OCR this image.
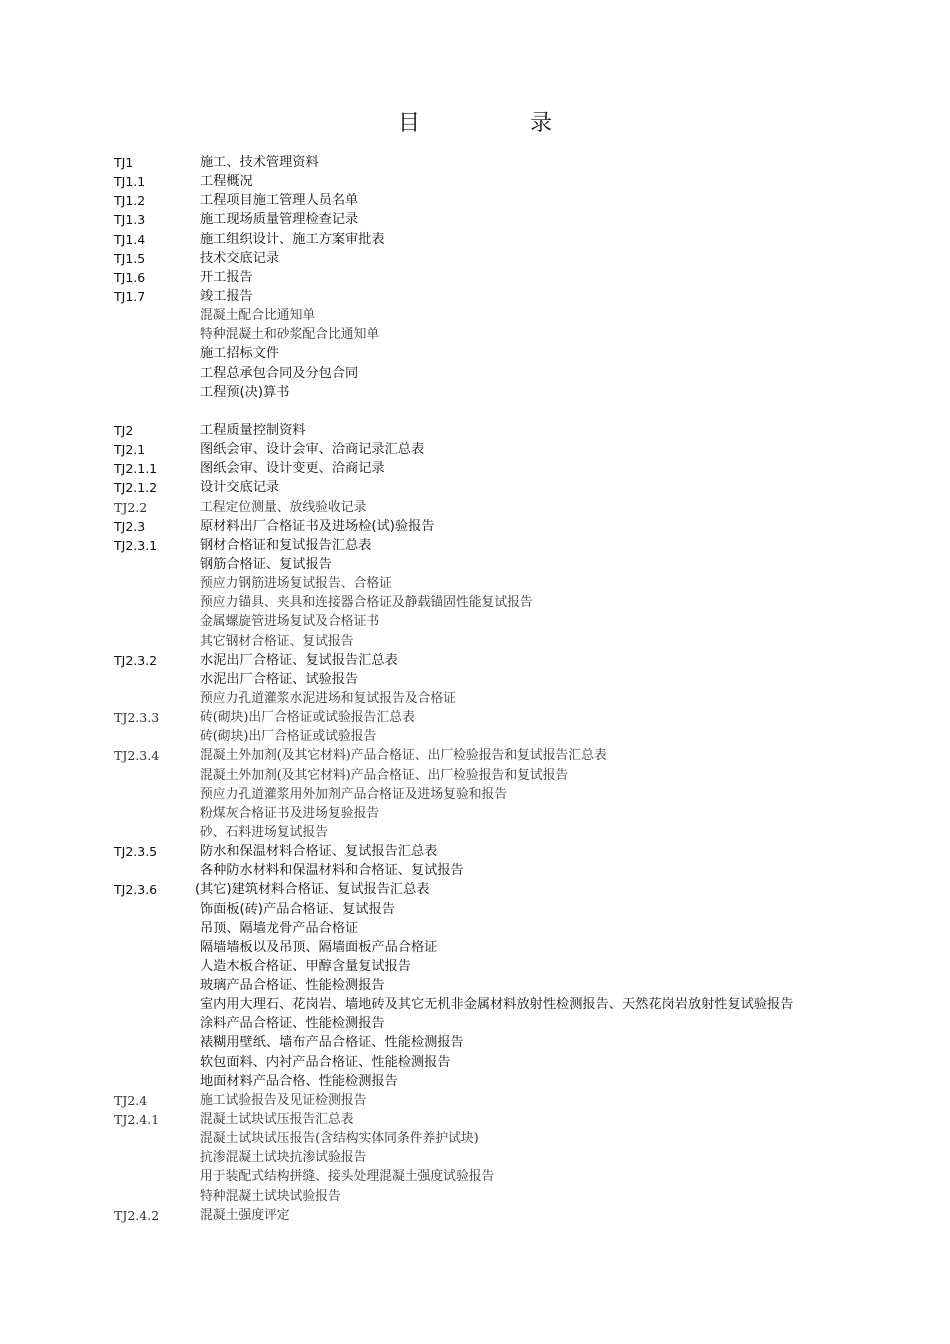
目	录
TJ1	施工、技术管理资料
TJ1.1	工程概况
TJ1.2	工程项目施工管理人员名单
TJ1.3	施工现场质量管理检查记录
TJ1.4	施工组织设计、施工方案审批表
TJ1.5	技术交底记录
TJ1.6	开工报告
TJ1.7	竣工报告
混凝土配合比通知单
特种混凝土和砂浆配合比通知单
施工招标文件
工程总承包合同及分包合同
工程预(决)算书
TJ2	工程质量控制资料
TJ2.1	图纸会审、设计会审、洽商记录汇总表
TJ2.1.1	图纸会审、设计变更、洽商记录
TJ2.1.2	设计交底记录
TJ2.2	工程定位测量、放线验收记录
TJ2.3	原材料出厂合格证书及进场检(试)验报告
TJ2.3.1	钢材合格证和复试报告汇总表
钢筋合格证、复试报告
预应力钢筋进场复试报告、合格证
预应力锚具、夹具和连接器合格证及静载锚固性能复试报告
金属螺旋管进场复试及合格证书
其它钢材合格证、复试报告
TJ2.3.2	水泥出厂合格证、复试报告汇总表
水泥出厂合格证、试验报告
预应力孔道灌浆水泥进场和复试报告及合格证
TJ2.3.3	砖(砌块)出厂合格证或试验报告汇总表
砖(砌块)出厂合格证或试验报告
TJ2.3.4	混凝土外加剂(及其它材料)产品合格证、出厂检验报告和复试报告汇总表
混凝土外加剂(及其它材料)产品合格证、出厂检验报告和复试报告
预应力孔道灌浆用外加剂产品合格证及进场复验和报告
粉煤灰合格证书及进场复验报告
砂、石料进场复试报告
TJ2.3.5	防水和保温材料合格证、复试报告汇总表
各种防水材料和保温材料和合格证、复试报告
TJ2.3.6	(其它)建筑材料合格证、复试报告汇总表
饰面板(砖)产品合格证、复试报告
吊顶、隔墙龙骨产品合格证
隔墙墙板以及吊顶、隔墙面板产品合格证
人造木板合格证、甲醇含量复试报告
玻璃产品合格证、性能检测报告
室内用大理石、花岗岩、墙地砖及其它无机非金属材料放射性检测报告、天然花岗岩放射性复试验报告
涂料产品合格证、性能检测报告
裱糊用壁纸、墙布产品合格证、性能检测报告
软包面料、内衬产品合格证、性能检测报告
地面材料产品合格、性能检测报告
TJ2.4	施工试验报告及见证检测报告
TJ2.4.1	混凝土试块试压报告汇总表
混凝土试块试压报告(含结构实体同条件养护试块)
抗渗混凝土试块抗渗试验报告
用于装配式结构拼缝、接头处理混凝土强度试验报告
特种混凝土试块试验报告
TJ2.4.2	混凝土强度评定
